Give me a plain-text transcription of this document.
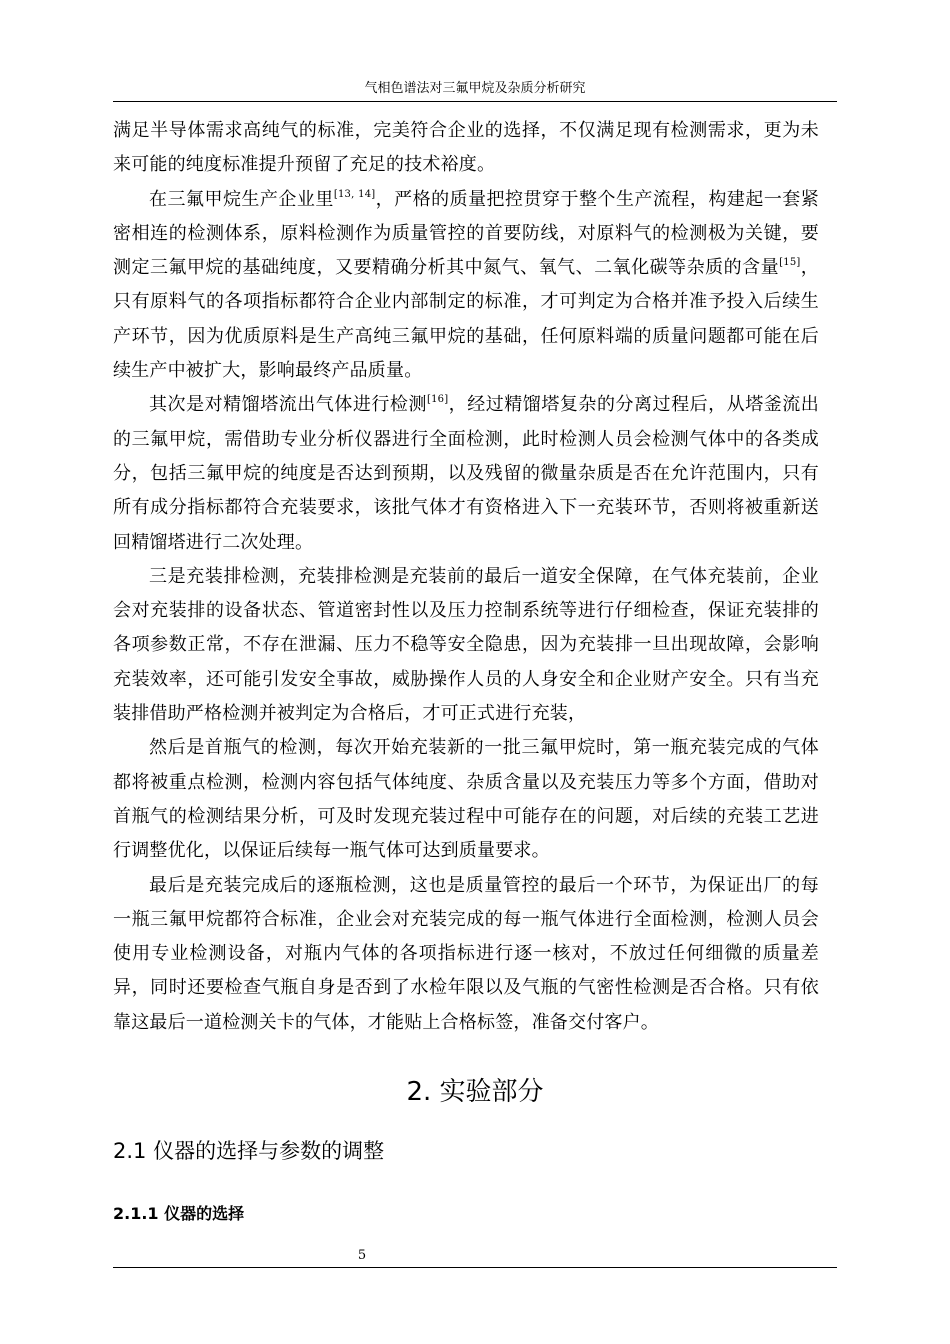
气相色谱法对三氟甲烷及杂质分析研究

满足半导体需求高纯气的标准，完美符合企业的选择，不仅满足现有检测需求，更为未来可能的纯度标准提升预留了充足的技术裕度。

在三氟甲烷生产企业里[13, 14]，严格的质量把控贯穿于整个生产流程，构建起一套紧密相连的检测体系，原料检测作为质量管控的首要防线，对原料气的检测极为关键，要测定三氟甲烷的基础纯度，又要精确分析其中氮气、氧气、二氧化碳等杂质的含量[15]，只有原料气的各项指标都符合企业内部制定的标准，才可判定为合格并准予投入后续生产环节，因为优质原料是生产高纯三氟甲烷的基础，任何原料端的质量问题都可能在后续生产中被扩大，影响最终产品质量。

其次是对精馏塔流出气体进行检测[16]，经过精馏塔复杂的分离过程后，从塔釜流出的三氟甲烷，需借助专业分析仪器进行全面检测，此时检测人员会检测气体中的各类成分，包括三氟甲烷的纯度是否达到预期，以及残留的微量杂质是否在允许范围内，只有所有成分指标都符合充装要求，该批气体才有资格进入下一充装环节，否则将被重新送回精馏塔进行二次处理。

三是充装排检测，充装排检测是充装前的最后一道安全保障，在气体充装前，企业会对充装排的设备状态、管道密封性以及压力控制系统等进行仔细检查，保证充装排的各项参数正常，不存在泄漏、压力不稳等安全隐患，因为充装排一旦出现故障，会影响充装效率，还可能引发安全事故，威胁操作人员的人身安全和企业财产安全。只有当充装排借助严格检测并被判定为合格后，才可正式进行充装，

然后是首瓶气的检测，每次开始充装新的一批三氟甲烷时，第一瓶充装完成的气体都将被重点检测，检测内容包括气体纯度、杂质含量以及充装压力等多个方面，借助对首瓶气的检测结果分析，可及时发现充装过程中可能存在的问题，对后续的充装工艺进行调整优化，以保证后续每一瓶气体可达到质量要求。

最后是充装完成后的逐瓶检测，这也是质量管控的最后一个环节，为保证出厂的每一瓶三氟甲烷都符合标准，企业会对充装完成的每一瓶气体进行全面检测，检测人员会使用专业检测设备，对瓶内气体的各项指标进行逐一核对，不放过任何细微的质量差异，同时还要检查气瓶自身是否到了水检年限以及气瓶的气密性检测是否合格。只有依靠这最后一道检测关卡的气体，才能贴上合格标签，准备交付客户。

2. 实验部分
2.1 仪器的选择与参数的调整
2.1.1 仪器的选择
5
